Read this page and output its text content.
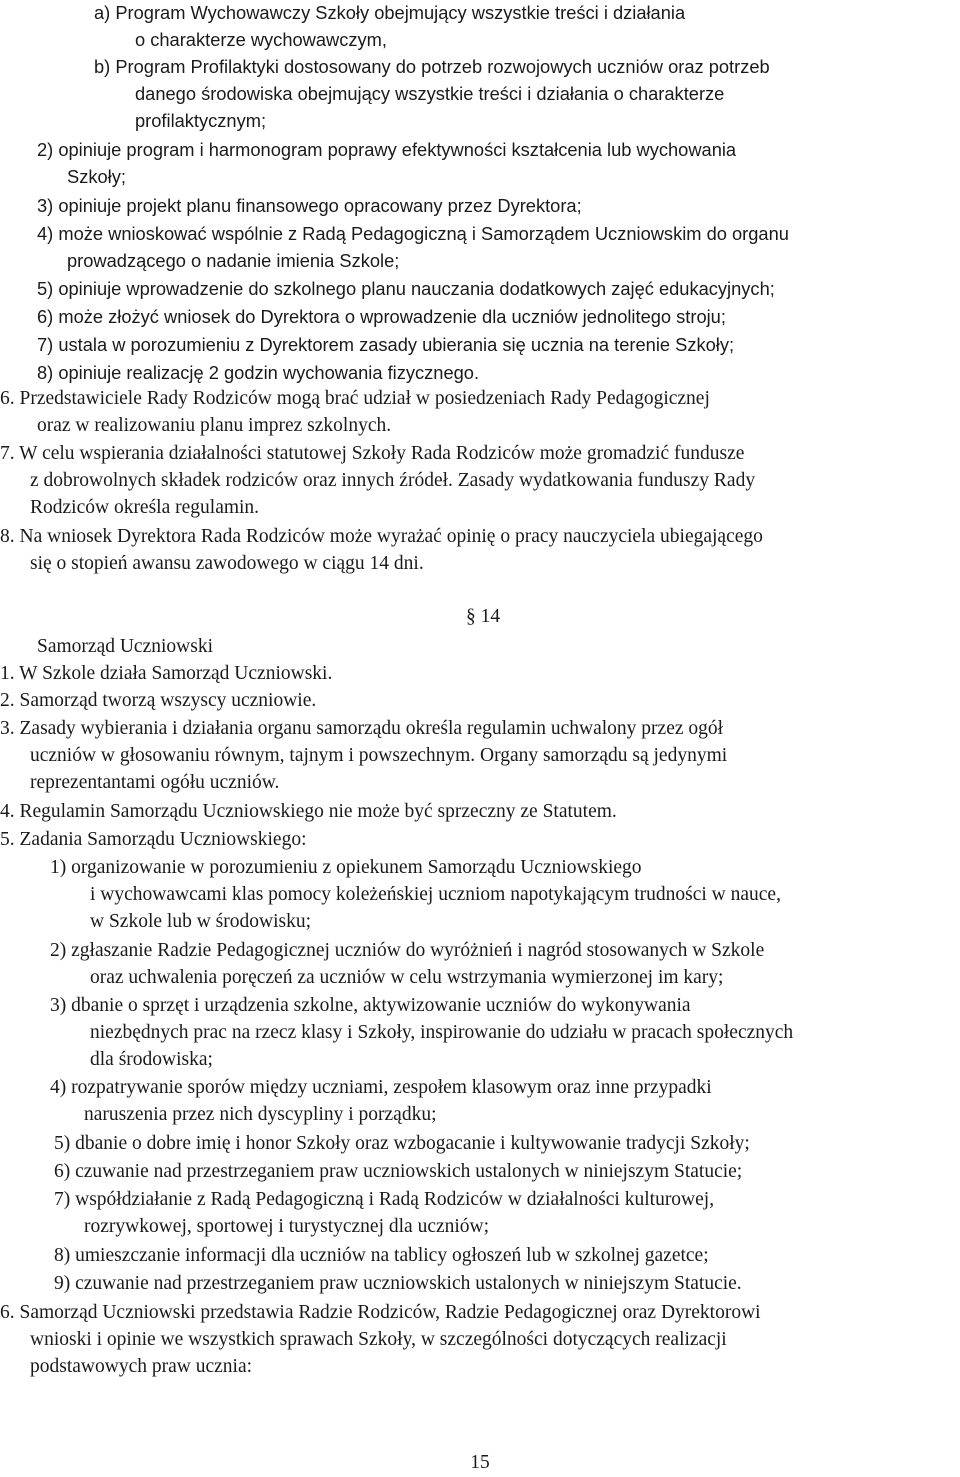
a) Program Wychowawczy Szkoły obejmujący wszystkie treści i działania
o charakterze wychowawczym,
b) Program Profilaktyki dostosowany do potrzeb rozwojowych uczniów oraz potrzeb
danego środowiska obejmujący wszystkie treści i działania o charakterze
profilaktycznym;
2) opiniuje program i harmonogram poprawy efektywności kształcenia lub wychowania
Szkoły;
3) opiniuje projekt planu finansowego opracowany przez Dyrektora;
4) może wnioskować wspólnie z Radą Pedagogiczną i Samorządem Uczniowskim do organu
prowadzącego o nadanie imienia Szkole;
5) opiniuje wprowadzenie do szkolnego planu nauczania dodatkowych zajęć edukacyjnych;
6) może złożyć wniosek do Dyrektora o wprowadzenie dla uczniów jednolitego stroju;
7) ustala w porozumieniu z Dyrektorem zasady ubierania się ucznia na terenie Szkoły;
8) opiniuje realizację 2 godzin wychowania fizycznego.
6. Przedstawiciele Rady Rodziców mogą brać udział w posiedzeniach Rady Pedagogicznej
oraz w realizowaniu planu imprez szkolnych.
7. W celu wspierania działalności statutowej Szkoły Rada Rodziców może gromadzić fundusze
z dobrowolnych składek rodziców oraz innych źródeł. Zasady wydatkowania funduszy Rady
Rodziców określa regulamin.
8. Na wniosek Dyrektora Rada Rodziców może wyrażać opinię o pracy nauczyciela ubiegającego
się o stopień awansu zawodowego w ciągu 14 dni.
Samorząd Uczniowski
1. W Szkole działa Samorząd Uczniowski.
2. Samorząd tworzą wszyscy uczniowie.
3. Zasady wybierania i działania organu samorządu określa regulamin uchwalony przez ogół
uczniów w głosowaniu równym, tajnym i powszechnym. Organy samorządu są jedynymi
reprezentantami ogółu uczniów.
4. Regulamin Samorządu Uczniowskiego nie może być sprzeczny ze Statutem.
5. Zadania Samorządu Uczniowskiego:
1) organizowanie w porozumieniu z opiekunem Samorządu Uczniowskiego
i wychowawcami klas pomocy koleżeńskiej uczniom napotykającym trudności w nauce,
w Szkole lub w środowisku;
2) zgłaszanie Radzie Pedagogicznej uczniów do wyróżnień i nagród stosowanych w Szkole
oraz uchwalenia poręczeń za uczniów w celu wstrzymania wymierzonej im kary;
3) dbanie o sprzęt i urządzenia szkolne, aktywizowanie uczniów do wykonywania
niezbędnych prac na rzecz klasy i Szkoły, inspirowanie do udziału w pracach społecznych
dla środowiska;
4) rozpatrywanie sporów między uczniami, zespołem klasowym oraz inne przypadki
naruszenia przez nich dyscypliny i porządku;
5) dbanie o dobre imię i honor Szkoły oraz wzbogacanie i kultywowanie tradycji Szkoły;
6) czuwanie nad przestrzeganiem praw uczniowskich ustalonych w niniejszym Statucie;
7) współdziałanie z Radą Pedagogiczną i Radą Rodziców w działalności kulturowej,
rozrywkowej, sportowej i turystycznej dla uczniów;
8) umieszczanie informacji dla uczniów na tablicy ogłoszeń lub w szkolnej gazetce;
9) czuwanie nad przestrzeganiem praw uczniowskich ustalonych w niniejszym Statucie.
6. Samorząd Uczniowski przedstawia Radzie Rodziców, Radzie Pedagogicznej oraz Dyrektorowi
wnioski i opinie we wszystkich sprawach Szkoły, w szczególności dotyczących realizacji
podstawowych praw ucznia:
§ 14
15
